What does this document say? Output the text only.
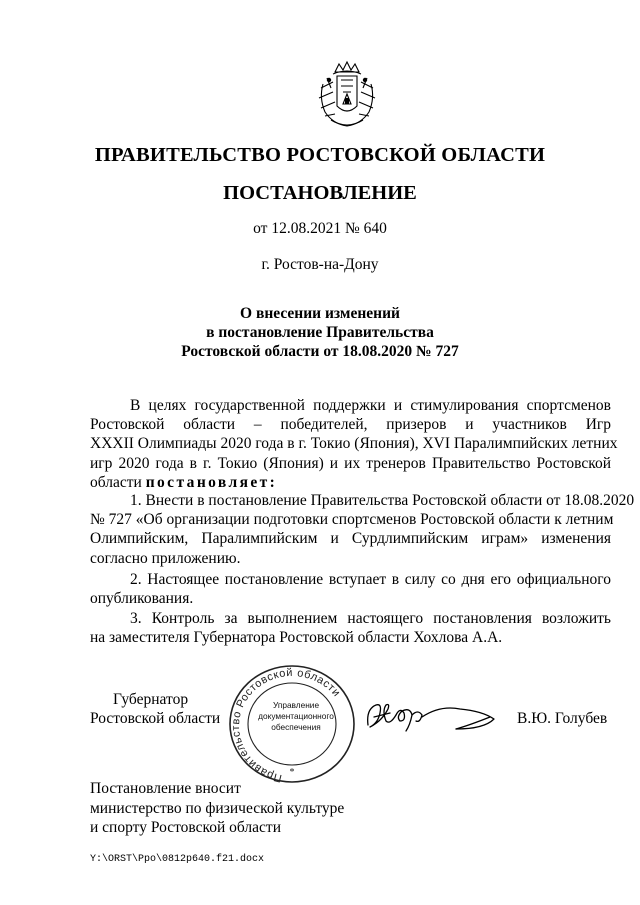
ПРАВИТЕЛЬСТВО РОСТОВСКОЙ ОБЛАСТИ
ПОСТАНОВЛЕНИЕ
от 12.08.2021 № 640
г. Ростов-на-Дону
О внесении изменений
в постановление Правительства
Ростовской области от 18.08.2020 № 727
В целях государственной поддержки и стимулирования спортсменов
Ростовской области – победителей, призеров и участников Игр
XXXII Олимпиады 2020 года в г. Токио (Япония), XVI Паралимпийских летних
игр 2020 года в г. Токио (Япония) и их тренеров Правительство Ростовской
области постановляет:
1. Внести в постановление Правительства Ростовской области от 18.08.2020
№ 727 «Об организации подготовки спортсменов Ростовской области к летним
Олимпийским, Паралимпийским и Сурдлимпийским играм» изменения
согласно приложению.
2. Настоящее постановление вступает в силу со дня его официального
опубликования.
3. Контроль за выполнением настоящего постановления возложить
на заместителя Губернатора Ростовской области Хохлова А.А.
Губернатор
Ростовской области
Правительство Ростовской области
*
Управление
документационного
обеспечения	В.Ю. Голубев
Постановление вносит
министерство по физической культуре
и спорту Ростовской области
Y:\ORST\Ppo\0812p640.f21.docx
